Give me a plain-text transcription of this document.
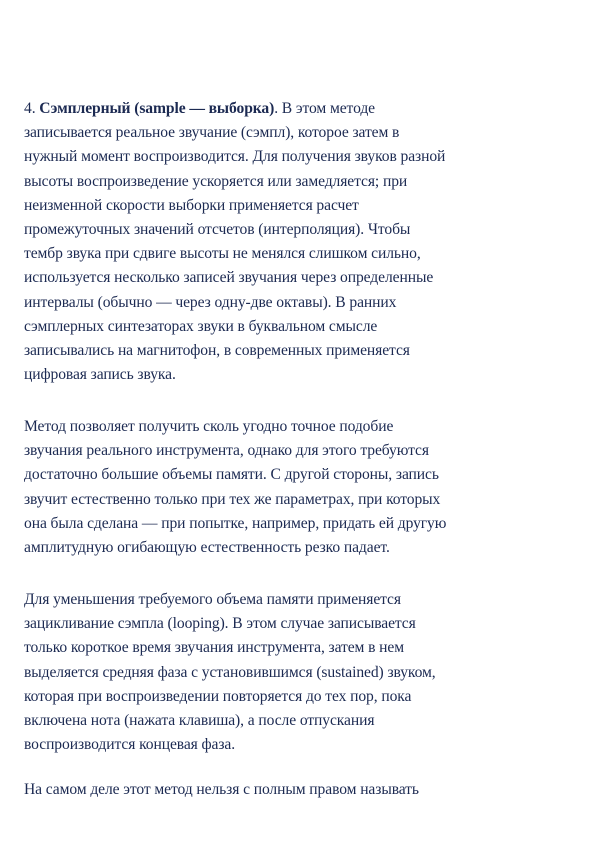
4. Сэмплерный (sample — выборка). В этом методе
записывается реальное звучание (сэмпл), которое затем в
нужный момент воспроизводится. Для получения звуков разной
высоты воспроизведение ускоряется или замедляется; при
неизменной скорости выборки применяется расчет
промежуточных значений отсчетов (интерполяция). Чтобы
тембр звука при сдвиге высоты не менялся слишком сильно,
используется несколько записей звучания через определенные
интервалы (обычно — через одну-две октавы). В ранних
сэмплерных синтезаторах звуки в буквальном смысле
записывались на магнитофон, в современных применяется
цифровая запись звука.
Метод позволяет получить сколь угодно точное подобие
звучания реального инструмента, однако для этого требуются
достаточно большие объемы памяти. С другой стороны, запись
звучит естественно только при тех же параметрах, при которых
она была сделана — при попытке, например, придать ей другую
амплитудную огибающую естественность резко падает.
Для уменьшения требуемого объема памяти применяется
зацикливание сэмпла (looping). В этом случае записывается
только короткое время звучания инструмента, затем в нем
выделяется средняя фаза с установившимся (sustained) звуком,
которая при воспроизведении повторяется до тех пор, пока
включена нота (нажата клавиша), а после отпускания
воспроизводится концевая фаза.
На самом деле этот метод нельзя с полным правом называть
